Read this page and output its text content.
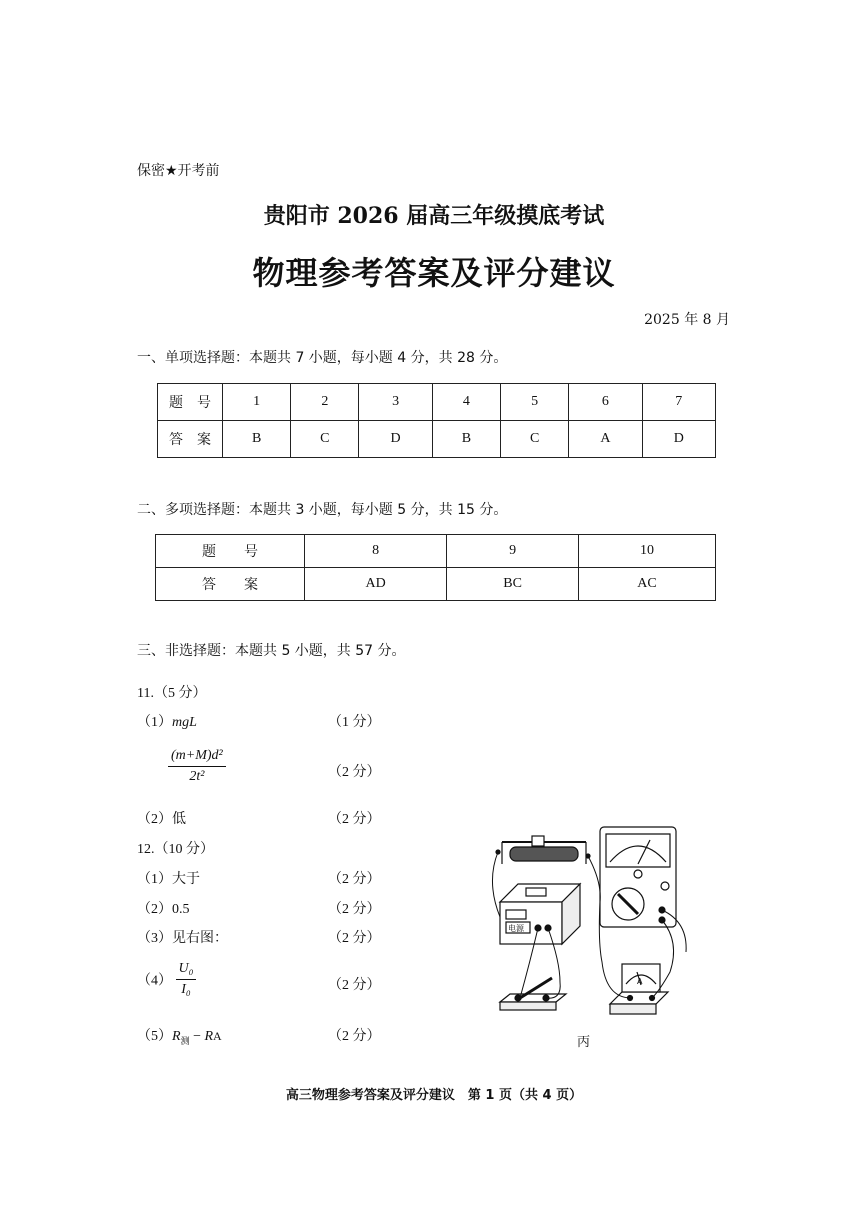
保密★开考前
贵阳市 2026 届高三年级摸底考试
物理参考答案及评分建议
2025 年 8 月
一、单项选择题：本题共 7 小题，每小题 4 分，共 28 分。
题　号	1	2	3	4	5	6	7
答　案	B	C	D	B	C	A	D
二、多项选择题：本题共 3 小题，每小题 5 分，共 15 分。
题　　号	8	9	10
答　　案	AD	BC	AC
三、非选择题：本题共 5 小题，共 57 分。
11.（5 分）
（1）mgL	（1 分）
$\frac{\text{(m+M)d²}}{\text{2t²}}$	（2 分）
（2）低	（2 分）
12.（10 分）
（1）大于	（2 分）
（2）0.5	（2 分）
（3）见右图：	（2 分）
$(4) \frac{\text{U₀}}{\text{I₀}}$	（2 分）
$(5)R_测$ − RA	（2 分）
电源
A
丙
高三物理参考答案及评分建议　第 1 页（共 4 页）
